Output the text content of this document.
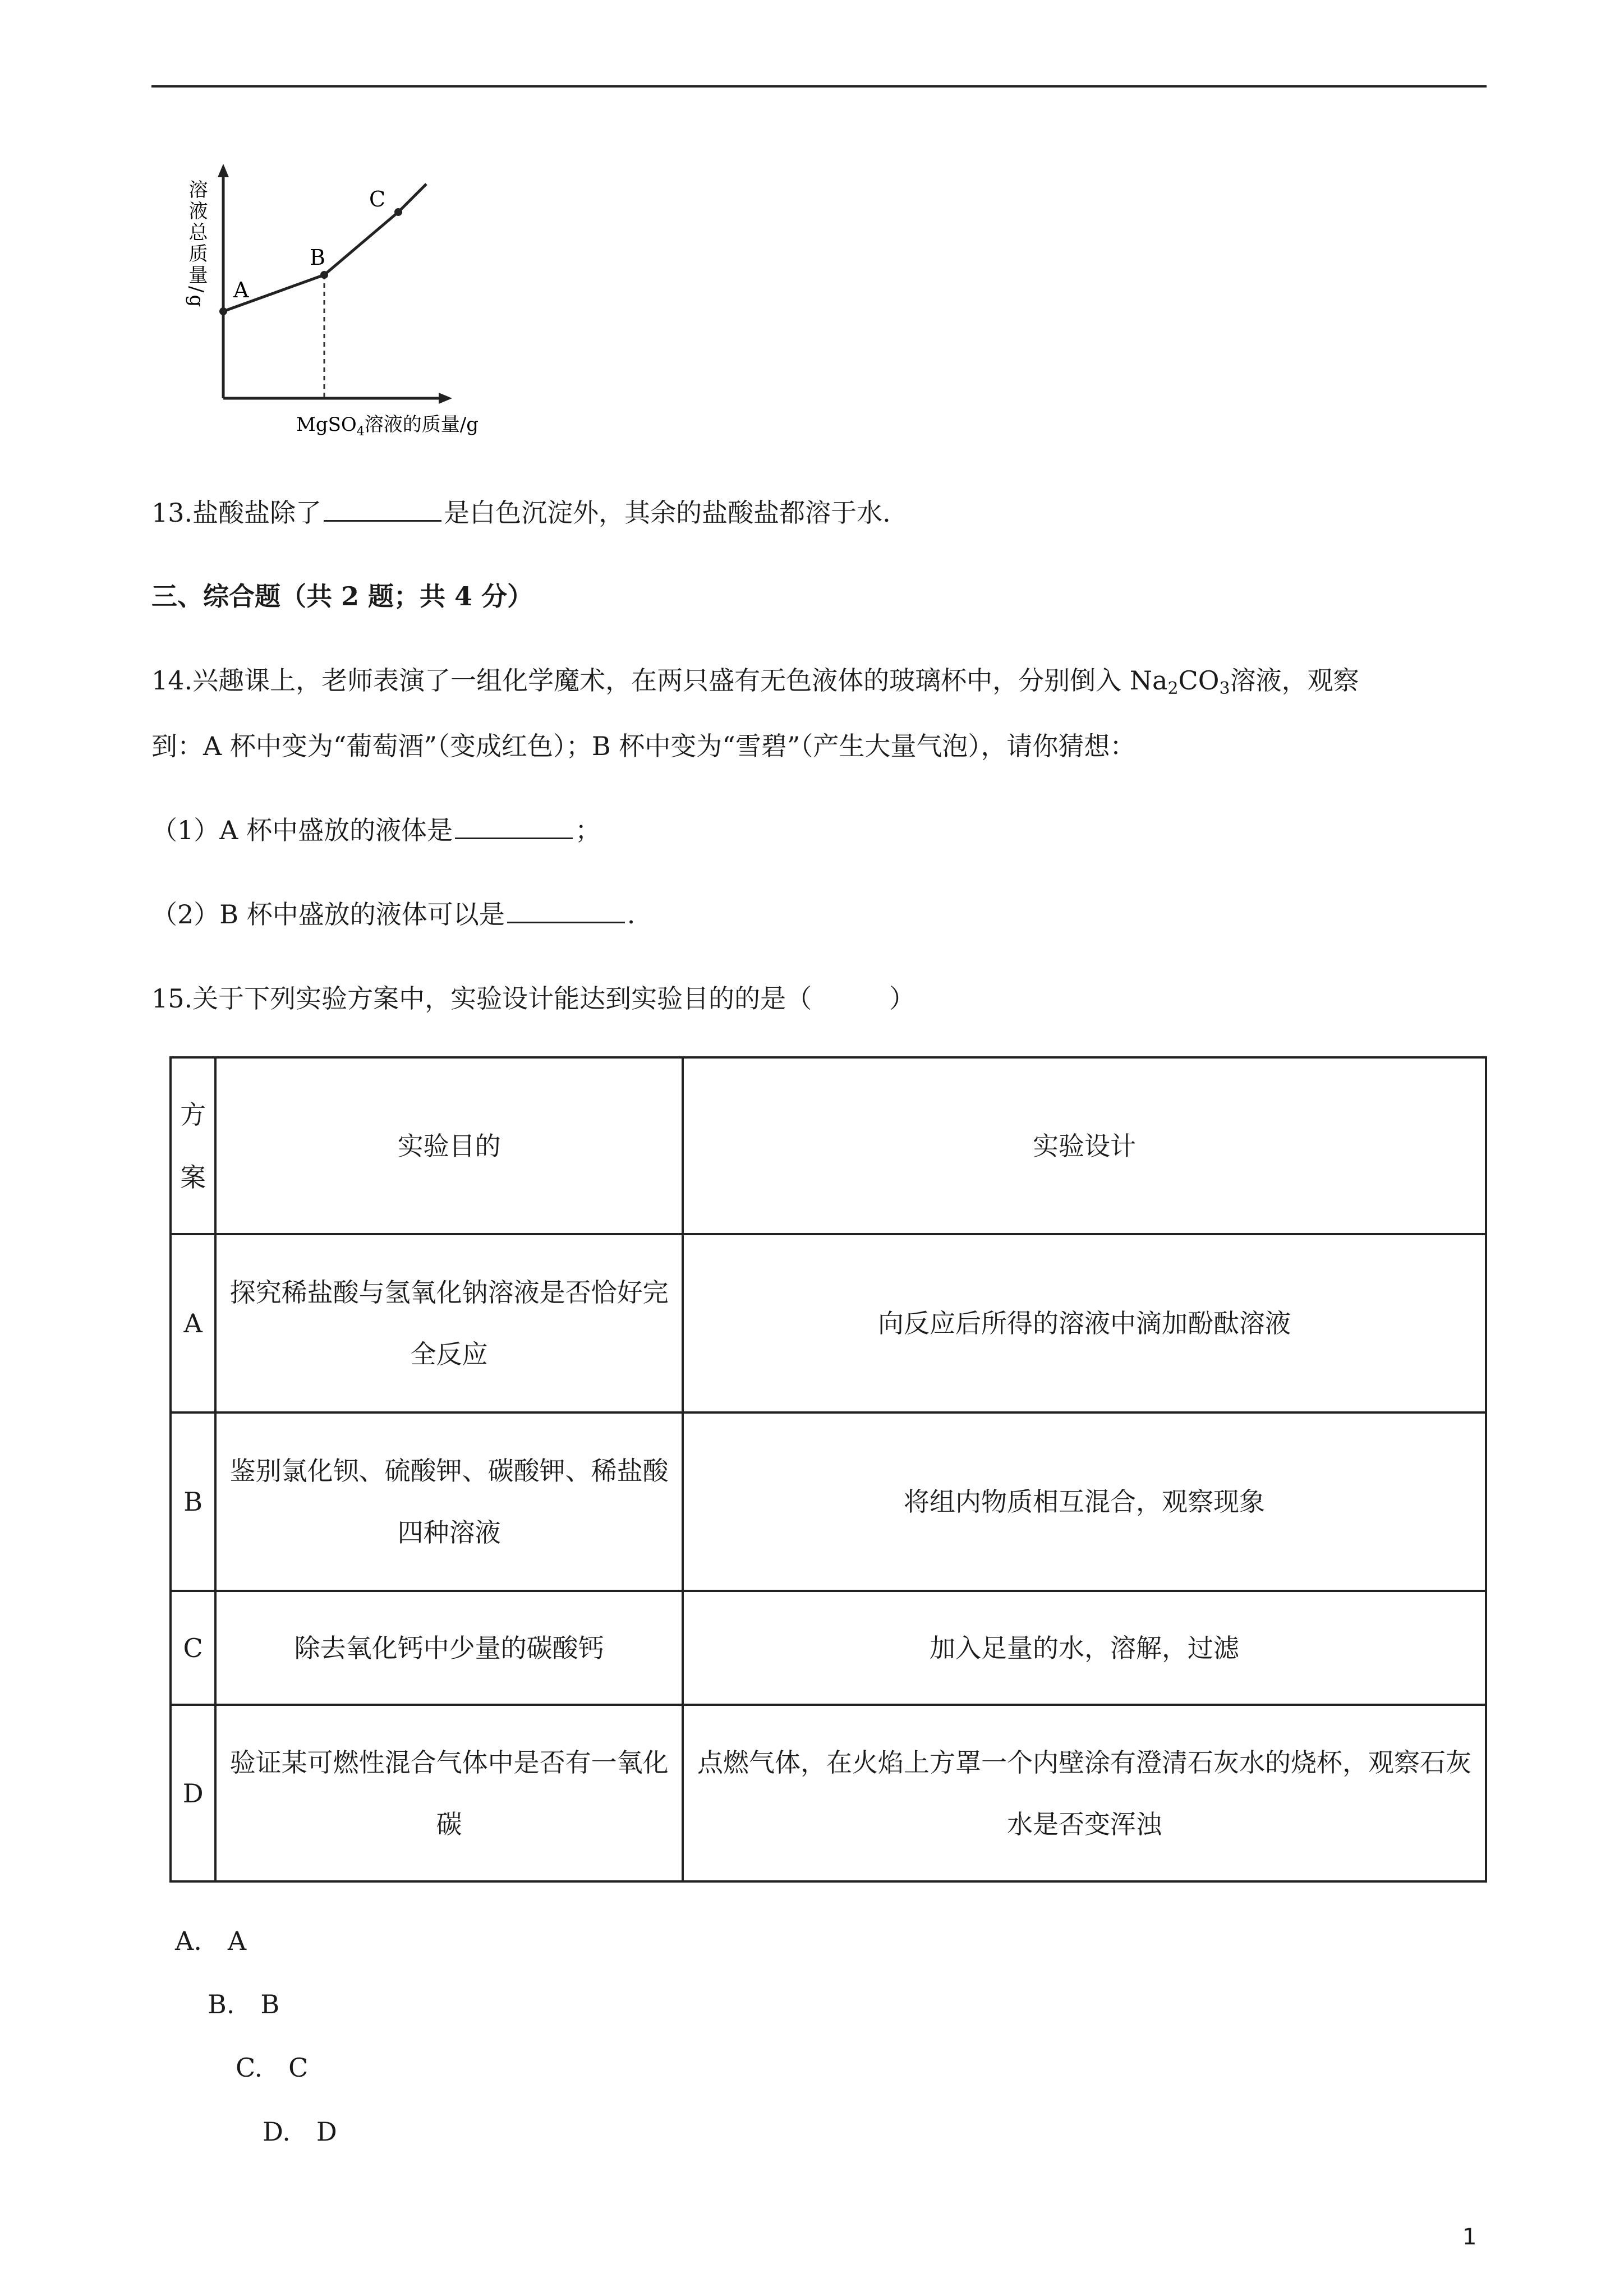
A
B
C
溶液总质量/g
MgSO$_4$溶液的质量/g
13.盐酸盐除了	是白色沉淀外，其余的盐酸盐都溶于水.
三、综合题（共 2 题；共 4 分）
14.兴趣课上，老师表演了一组化学魔术，在两只盛有无色液体的玻璃杯中，分别倒入 $Na_2CO_3$溶液，观察
到：A 杯中变为“葡萄酒”（变成红色）；B 杯中变为“雪碧”（产生大量气泡），请你猜想：
（1）A 杯中盛放的液体是	；
（2）B 杯中盛放的液体可以是	.
15.关于下列实验方案中，实验设计能达到实验目的的是（　　　）
方案	实验目的	实验设计
A	探究稀盐酸与氢氧化钠溶液是否恰好完全反应	向反应后所得的溶液中滴加酚酞溶液
B	鉴别氯化钡、硫酸钾、碳酸钾、稀盐酸四种溶液	将组内物质相互混合，观察现象
C	除去氧化钙中少量的碳酸钙	加入足量的水，溶解，过滤
D	验证某可燃性混合气体中是否有一氧化碳	点燃气体，在火焰上方罩一个内壁涂有澄清石灰水的烧杯，观察石灰水是否变浑浊
A.　A
B.　B
C.　C
D.　D
1
